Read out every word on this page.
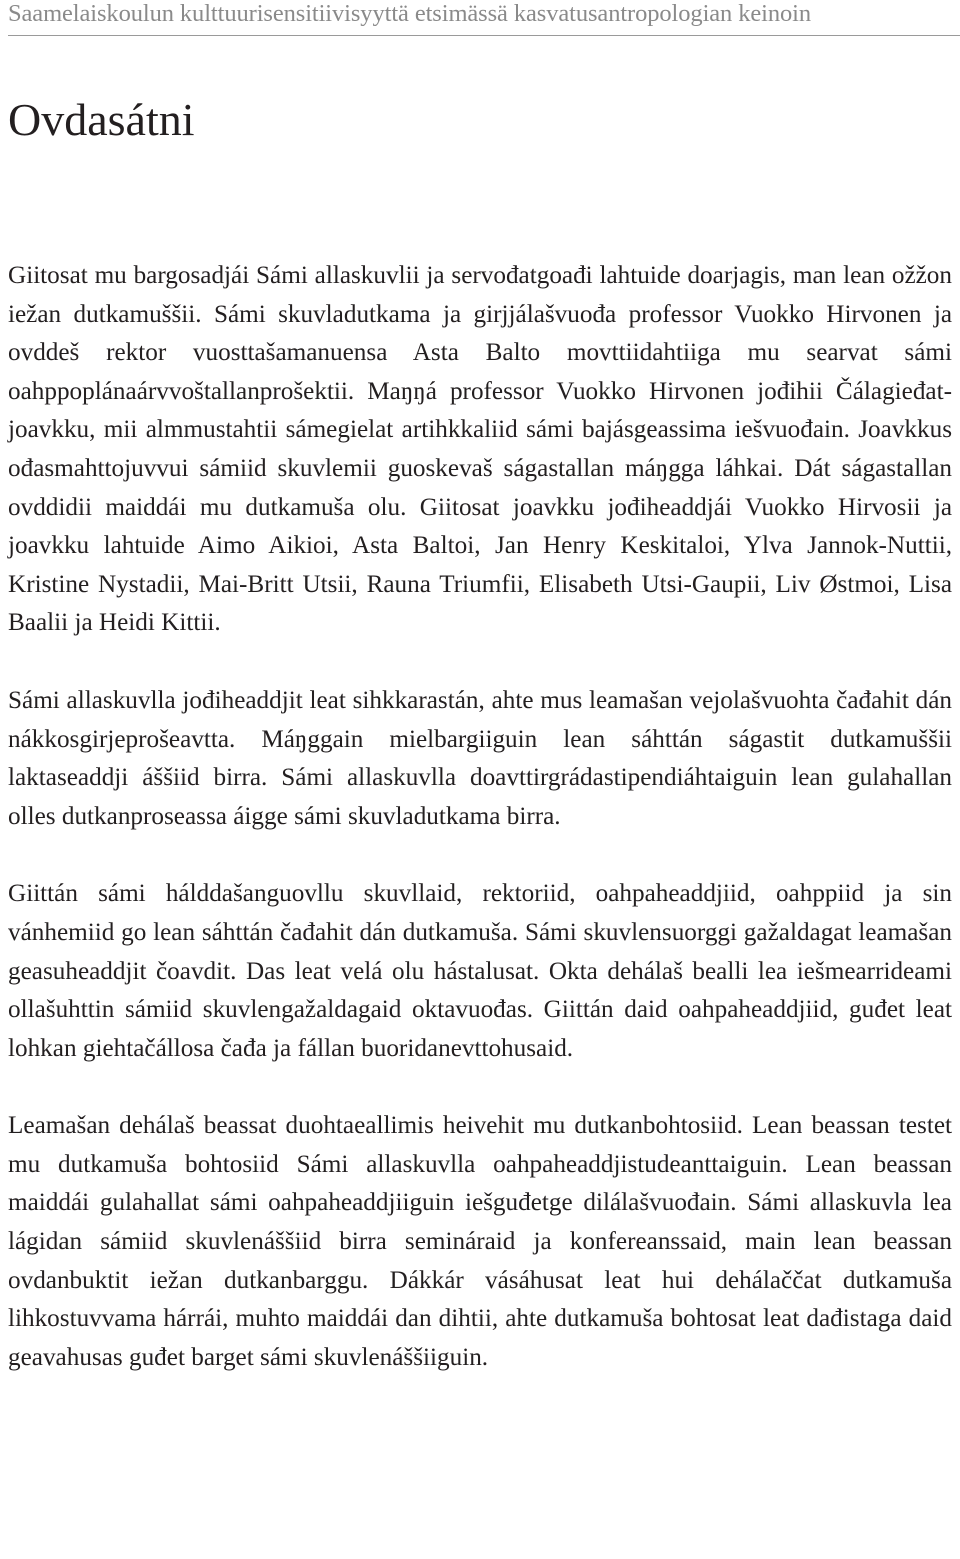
Saamelaiskoulun kulttuurisensitiivisyyttä etsimässä kasvatusantropologian keinoin
Ovdasátni

Giitosat mu bargosadjái Sámi allaskuvlii ja servođatgoađi lahtuide doarjagis, man lean ožžon iežan dutkamuššii. Sámi skuvladutkama ja girjjálašvuođa professor Vuokko Hirvonen ja ovddeš rektor vuosttašamanuensa Asta Balto movttiidahtiiga mu searvat sámi oahppoplánaárvvoštallanprošektii. Maŋŋá professor Vuokko Hirvonen jođihii Čálagieđat-joavkku, mii almmustahtii sámegielat artihkkaliid sámi bajásgeassima iešvuođain. Joavkkus ođasmahttojuvvui sámiid skuvlemii guoskevaš ságastallan máŋgga láhkai. Dát ságastallan ovddidii maiddái mu dutkamuša olu. Giitosat joavkku jođiheaddjái Vuokko Hirvosii ja joavkku lahtuide Aimo Aikioi, Asta Baltoi, Jan Henry Keskitaloi, Ylva Jannok-Nuttii, Kristine Nystadii, Mai-Britt Utsii, Rauna Triumfii, Elisabeth Utsi-Gaupii, Liv Østmoi, Lisa Baalii ja Heidi Kittii.

Sámi allaskuvlla jođiheaddjit leat sihkkarastán, ahte mus leamašan vejolašvuohta čađahit dán nákkosgirjeprošeavtta. Máŋggain mielbargiiguin lean sáhttán ságastit dutkamuššii laktaseaddji áššiid birra. Sámi allaskuvlla doavttirgrádastipendiáhtaiguin lean gulahallan olles dutkanproseassa áigge sámi skuvladutkama birra.

Giittán sámi hálddašanguovllu skuvllaid, rektoriid, oahpaheaddjiid, oahppiid ja sin vánhemiid go lean sáhttán čađahit dán dutkamuša. Sámi skuvlensuorggi gažaldagat leamašan geasuheaddjit čoavdit. Das leat velá olu hástalusat. Okta dehálaš bealli lea iešmearrideami ollašuhttin sámiid skuvlengažaldagaid oktavuođas. Giittán daid oahpaheaddjiid, guđet leat lohkan giehtačállosa čađa ja fállan buoridanevttohusaid.

Leamašan dehálaš beassat duohtaeallimis heivehit mu dutkanbohtosiid. Lean beassan testet mu dutkamuša bohtosiid Sámi allaskuvlla oahpaheaddjistudeanttaiguin. Lean beassan maiddái gulahallat sámi oahpaheaddjiiguin iešguđetge dilálašvuođain. Sámi allaskuvla lea lágidan sámiid skuvlenáššiid birra semináraid ja konfereanssaid, main lean beassan ovdanbuktit iežan dutkanbarggu. Dákkár vásáhusat leat hui dehálaččat dutkamuša lihkostuvvama hárrái, muhto maiddái dan dihtii, ahte dutkamuša bohtosat leat dađistaga daid geavahusas guđet barget sámi skuvlenáššiiguin.
